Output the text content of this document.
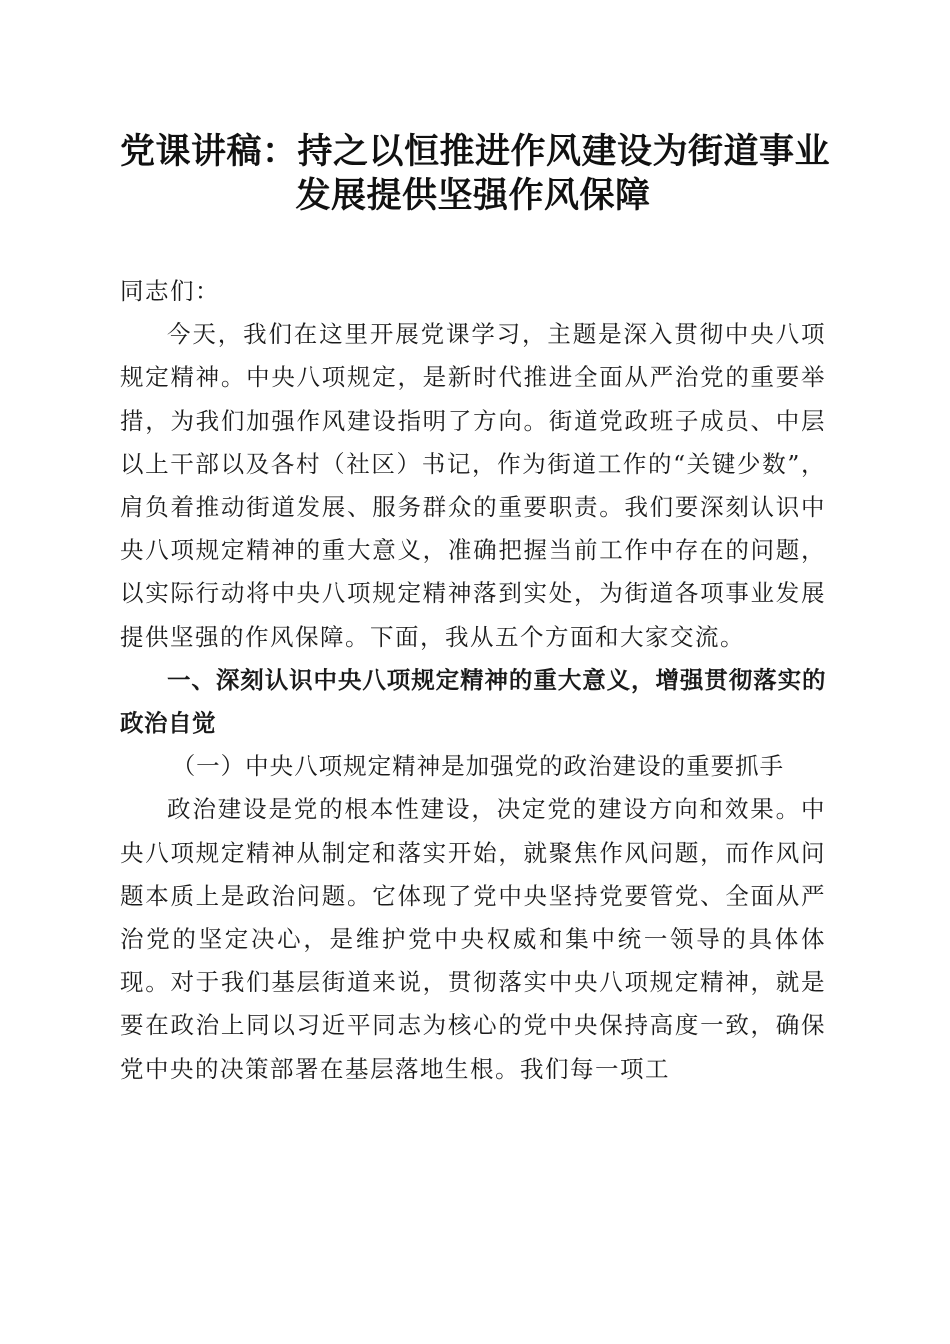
党课讲稿：持之以恒推进作风建设为街道事业
发展提供坚强作风保障

同志们：

今天，我们在这里开展党课学习，主题是深入贯彻中央八项规定精神。中央八项规定，是新时代推进全面从严治党的重要举措，为我们加强作风建设指明了方向。街道党政班子成员、中层以上干部以及各村（社区）书记，作为街道工作的“关键少数”，肩负着推动街道发展、服务群众的重要职责。我们要深刻认识中央八项规定精神的重大意义，准确把握当前工作中存在的问题，以实际行动将中央八项规定精神落到实处，为街道各项事业发展提供坚强的作风保障。下面，我从五个方面和大家交流。

一、深刻认识中央八项规定精神的重大意义，增强贯彻落实的政治自觉

（一）中央八项规定精神是加强党的政治建设的重要抓手

政治建设是党的根本性建设，决定党的建设方向和效果。中央八项规定精神从制定和落实开始，就聚焦作风问题，而作风问题本质上是政治问题。它体现了党中央坚持党要管党、全面从严治党的坚定决心，是维护党中央权威和集中统一领导的具体体现。对于我们基层街道来说，贯彻落实中央八项规定精神，就是要在政治上同以习近平同志为核心的党中央保持高度一致，确保党中央的决策部署在基层落地生根。我们每一项工
